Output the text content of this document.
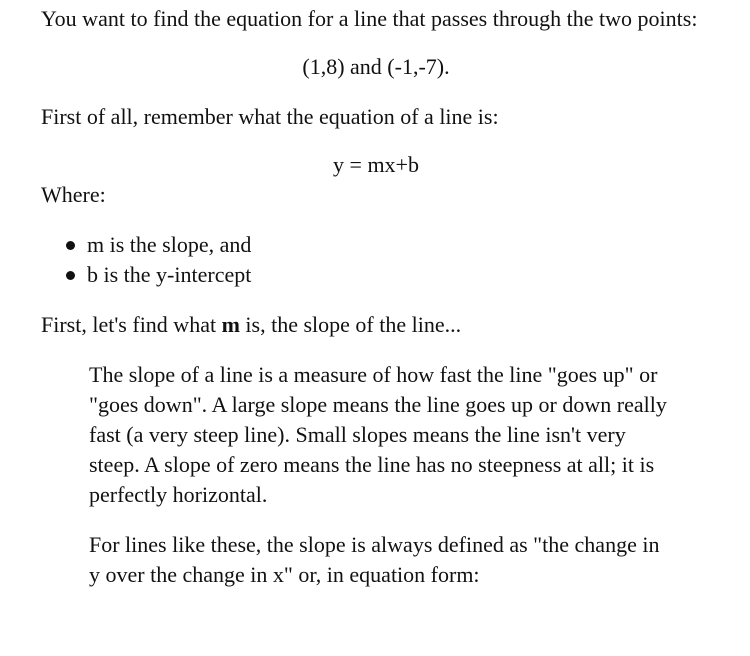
You want to find the equation for a line that passes through the two points:

(1,8) and (-1,-7).

First of all, remember what the equation of a line is:

y = mx+b

Where:

m is the slope, and
b is the y-intercept

First, let's find what m is, the slope of the line...

The slope of a line is a measure of how fast the line "goes up" or "goes down". A large slope means the line goes up or down really fast (a very steep line). Small slopes means the line isn't very steep. A slope of zero means the line has no steepness at all; it is perfectly horizontal.

For lines like these, the slope is always defined as "the change in y over the change in x" or, in equation form:
